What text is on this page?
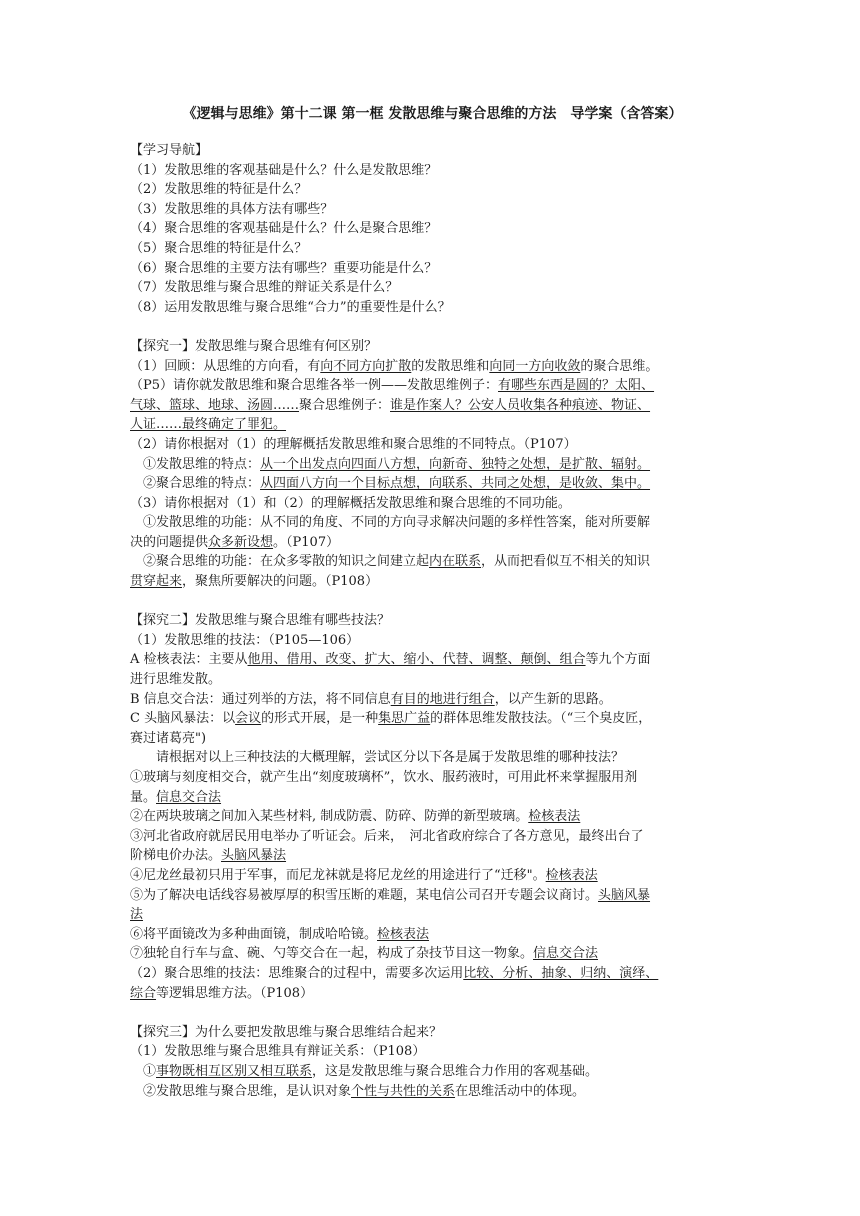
《逻辑与思维》第十二课 第一框 发散思维与聚合思维的方法　导学案（含答案）

【学习导航】

（1）发散思维的客观基础是什么？什么是发散思维？

（2）发散思维的特征是什么？

（3）发散思维的具体方法有哪些？

（4）聚合思维的客观基础是什么？什么是聚合思维？

（5）聚合思维的特征是什么？

（6）聚合思维的主要方法有哪些？重要功能是什么？

（7）发散思维与聚合思维的辩证关系是什么？

（8）运用发散思维与聚合思维“合力”的重要性是什么？

【探究一】发散思维与聚合思维有何区别？

（1）回顾：从思维的方向看，有向不同方向扩散的发散思维和向同一方向收敛的聚合思维。

（P5）请你就发散思维和聚合思维各举一例——发散思维例子：有哪些东西是圆的？太阳、

气球、篮球、地球、汤圆……聚合思维例子：谁是作案人？公安人员收集各种痕迹、物证、

人证……最终确定了罪犯。

（2）请你根据对（1）的理解概括发散思维和聚合思维的不同特点。（P107）

①发散思维的特点：从一个出发点向四面八方想，向新奇、独特之处想，是扩散、辐射。

②聚合思维的特点：从四面八方向一个目标点想，向联系、共同之处想，是收敛、集中。

（3）请你根据对（1）和（2）的理解概括发散思维和聚合思维的不同功能。

①发散思维的功能：从不同的角度、不同的方向寻求解决问题的多样性答案，能对所要解

决的问题提供众多新设想。（P107）

②聚合思维的功能：在众多零散的知识之间建立起内在联系，从而把看似互不相关的知识

贯穿起来，聚焦所要解决的问题。（P108）

【探究二】发散思维与聚合思维有哪些技法？

（1）发散思维的技法：（P105—106）

A 检核表法：主要从他用、借用、改变、扩大、缩小、代替、调整、颠倒、组合等九个方面

进行思维发散。

B 信息交合法：通过列举的方法，将不同信息有目的地进行组合，以产生新的思路。

C 头脑风暴法：以会议的形式开展，是一种集思广益的群体思维发散技法。（“三个臭皮匠，

赛过诸葛亮")

请根据对以上三种技法的大概理解，尝试区分以下各是属于发散思维的哪种技法？

①玻璃与刻度相交合，就产生出“刻度玻璃杯”，饮水、服药液时，可用此杯来掌握服用剂

量。信息交合法

②在两块玻璃之间加入某些材料, 制成防震、防碎、防弹的新型玻璃。检核表法

③河北省政府就居民用电举办了听证会。后来，　河北省政府综合了各方意见，最终出台了

阶梯电价办法。头脑风暴法

④尼龙丝最初只用于军事，而尼龙袜就是将尼龙丝的用途进行了“迁移"。检核表法

⑤为了解决电话线容易被厚厚的积雪压断的难题，某电信公司召开专题会议商讨。头脑风暴

法

⑥将平面镜改为多种曲面镜，制成哈哈镜。检核表法

⑦独轮自行车与盒、碗、勺等交合在一起，构成了杂技节目这一物象。信息交合法

（2）聚合思维的技法：思维聚合的过程中，需要多次运用比较、分析、抽象、归纳、演绎、

综合等逻辑思维方法。（P108）

【探究三】为什么要把发散思维与聚合思维结合起来？

（1）发散思维与聚合思维具有辩证关系：（P108）

①事物既相互区别又相互联系，这是发散思维与聚合思维合力作用的客观基础。

②发散思维与聚合思维，是认识对象个性与共性的关系在思维活动中的体现。
